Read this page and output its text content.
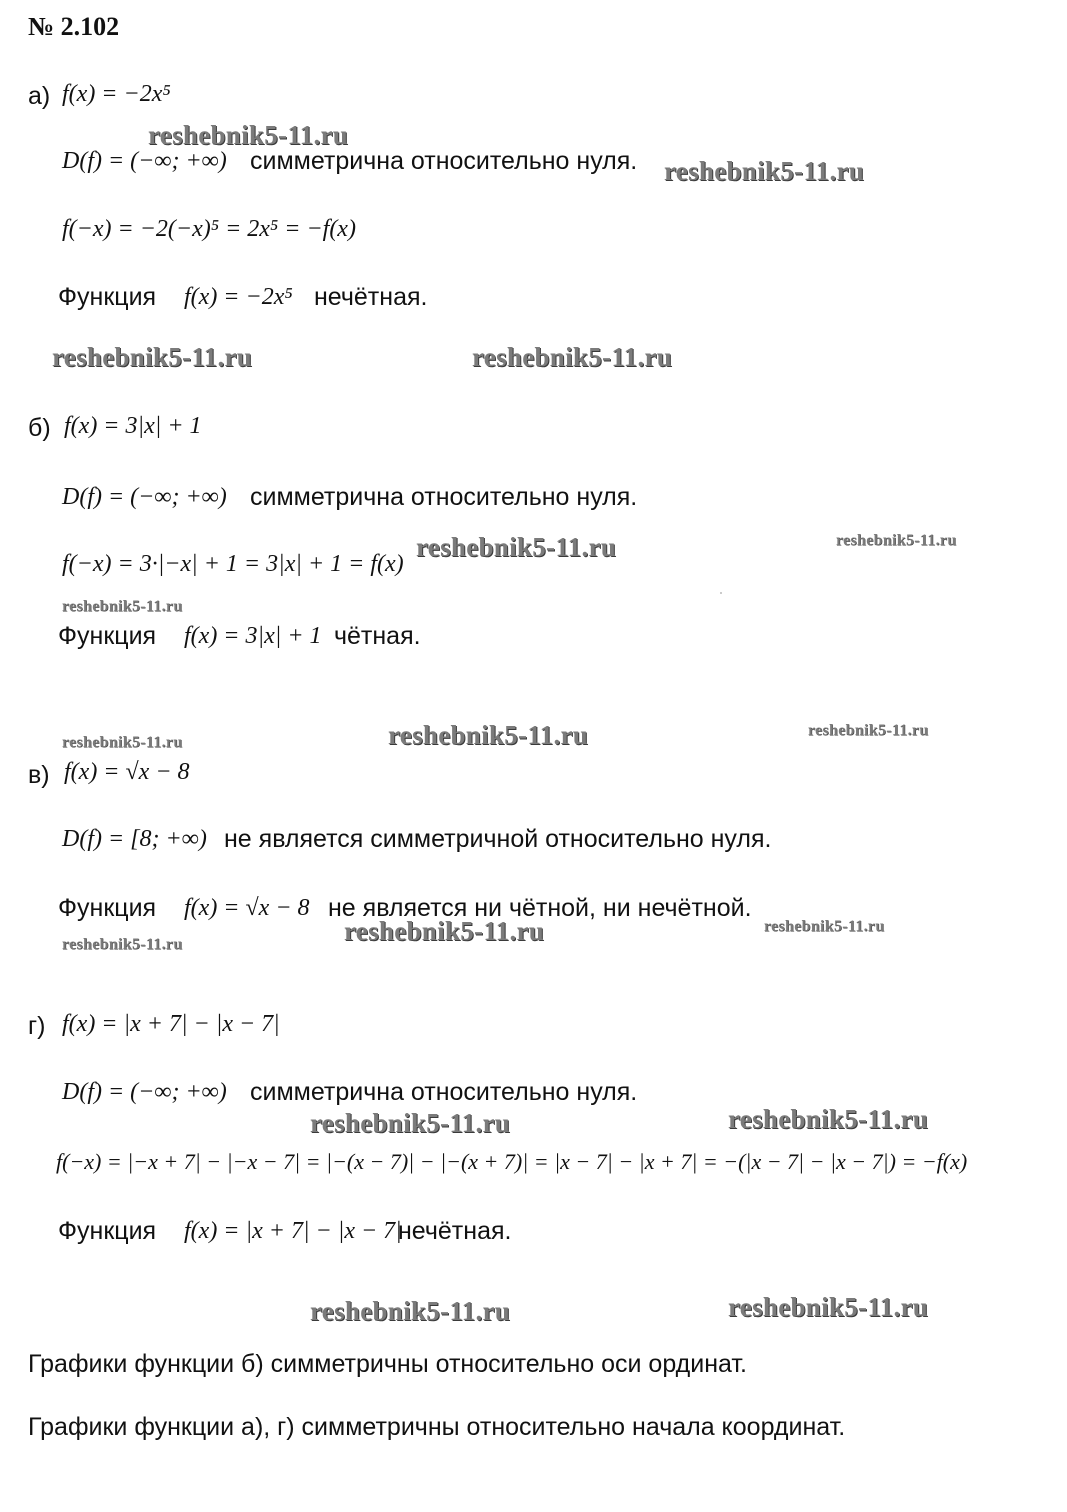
№ 2.102
а) f(x) = −2x⁵
D(f) = (−∞; +∞) симметрична относительно нуля.
f(−x) = −2(−x)⁵ = 2x⁵ = −f(x)
Функция f(x) = −2x⁵ нечётная.
б) f(x) = 3|x| + 1
D(f) = (−∞; +∞) симметрична относительно нуля.
f(−x) = 3·|−x| + 1 = 3|x| + 1 = f(x)
Функция f(x) = 3|x| + 1 чётная.
в) f(x) = √x − 8
D(f) = [8; +∞) не является симметричной относительно нуля.
Функция f(x) = √x − 8 не является ни чётной, ни нечётной.
г) f(x) = |x + 7| − |x − 7|
D(f) = (−∞; +∞) симметрична относительно нуля.
f(−x) = |−x + 7| − |−x − 7| = |−(x − 7)| − |−(x + 7)| = |x − 7| − |x + 7| = −(|x − 7| − |x − 7|) = −f(x)
Функция f(x) = |x + 7| − |x − 7|
нечётная.
Графики функции б) симметричны относительно оси ординат.
Графики функции а), г) симметричны относительно начала координат.
reshebnik5-11.ru
reshebnik5-11.ru
reshebnik5-11.ru	reshebnik5-11.ru
reshebnik5-11.ru	reshebnik5-11.ru
reshebnik5-11.ru
reshebnik5-11.ru	reshebnik5-11.ru	reshebnik5-11.ru
reshebnik5-11.ru	reshebnik5-11.ru	reshebnik5-11.ru
reshebnik5-11.ru	reshebnik5-11.ru
reshebnik5-11.ru	reshebnik5-11.ru
